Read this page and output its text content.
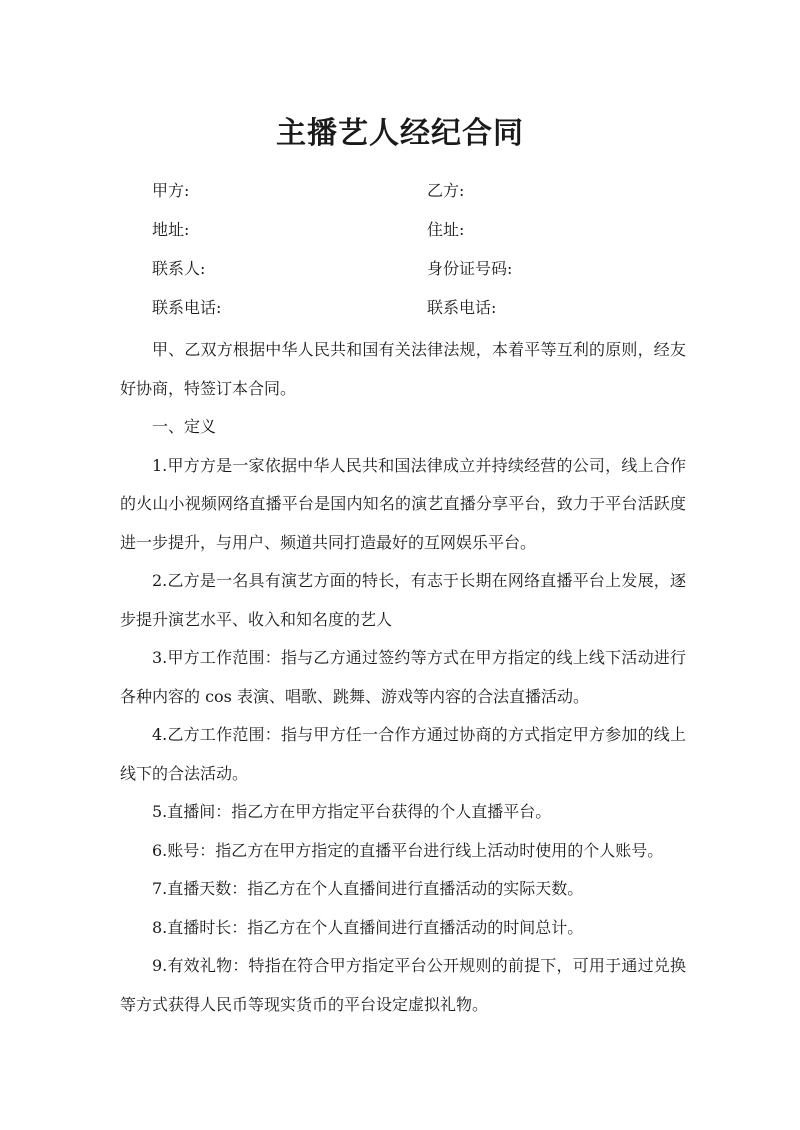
主播艺人经纪合同
甲方:	乙方:
地址:	住址:
联系人:	身份证号码:
联系电话:	联系电话:

甲、乙双方根据中华人民共和国有关法律法规，本着平等互利的原则，经友好协商，特签订本合同。

一、定义

1.甲方方是一家依据中华人民共和国法律成立并持续经营的公司，线上合作的火山小视频网络直播平台是国内知名的演艺直播分享平台，致力于平台活跃度进一步提升，与用户、频道共同打造最好的互网娱乐平台。

2.乙方是一名具有演艺方面的特长，有志于长期在网络直播平台上发展，逐步提升演艺水平、收入和知名度的艺人

3.甲方工作范围：指与乙方通过签约等方式在甲方指定的线上线下活动进行各种内容的 cos 表演、唱歌、跳舞、游戏等内容的合法直播活动。

4.乙方工作范围：指与甲方任一合作方通过协商的方式指定甲方参加的线上线下的合法活动。

5.直播间：指乙方在甲方指定平台获得的个人直播平台。

6.账号：指乙方在甲方指定的直播平台进行线上活动时使用的个人账号。

7.直播天数：指乙方在个人直播间进行直播活动的实际天数。

8.直播时长：指乙方在个人直播间进行直播活动的时间总计。

9.有效礼物：特指在符合甲方指定平台公开规则的前提下，可用于通过兑换等方式获得人民币等现实货币的平台设定虚拟礼物。
